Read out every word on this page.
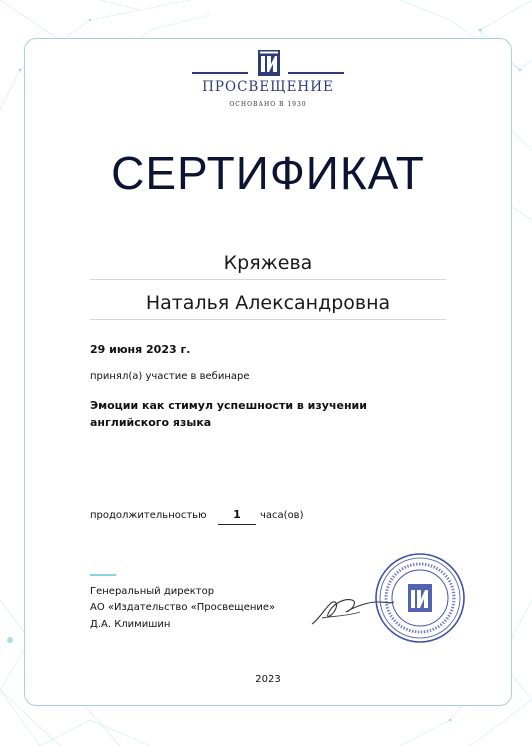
ПРОСВЕЩЕНИЕ
ОСНОВАНО В 1930
СЕРТИФИКАТ
Кряжева
Наталья Александровна
29 июня 2023 г.
принял(а) участие в вебинаре
Эмоции как стимул успешности в изучении английского языка
продолжительностью	1	часа(ов)
Генеральный директор
АО «Издательство «Просвещение»
Д.А. Климишин
2023
